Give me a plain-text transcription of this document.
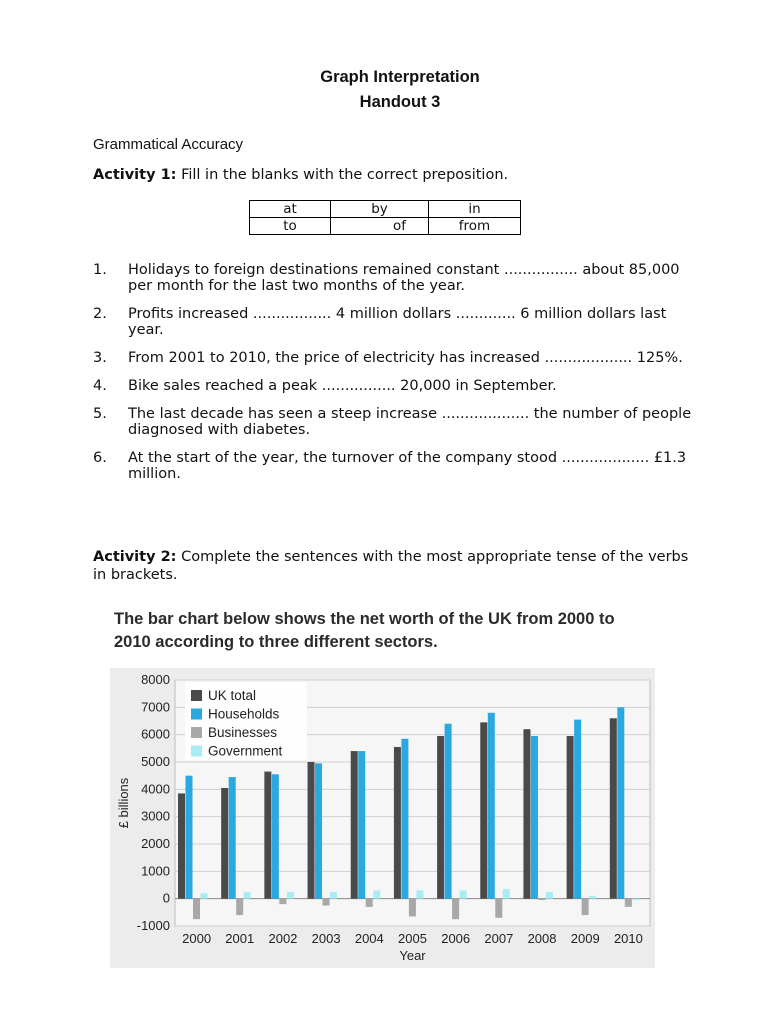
Graph Interpretation
Handout 3
Grammatical Accuracy
Activity 1: Fill in the blanks with the correct preposition.
at	by	in
to	of	from
1. Holidays to foreign destinations remained constant ................ about 85,000 per month for the last two months of the year.
2. Profits increased ................. 4 million dollars ............. 6 million dollars last year.
3. From 2001 to 2010, the price of electricity has increased ................... 125%.
4. Bike sales reached a peak ................ 20,000 in September.
5. The last decade has seen a steep increase ................... the number of people diagnosed with diabetes.
6. At the start of the year, the turnover of the company stood ................... £1.3 million.
Activity 2: Complete the sentences with the most appropriate tense of the verbs in brackets.
The bar chart below shows the net worth of the UK from 2000 to 2010 according to three different sectors.
8000
7000
6000
5000
4000
3000
2000
1000
0
-1000
£ billions
2000 2001 2002 2003 2004 2005 2006 2007 2008 2009 2010
Year
UK total
Households
Businesses
Government
